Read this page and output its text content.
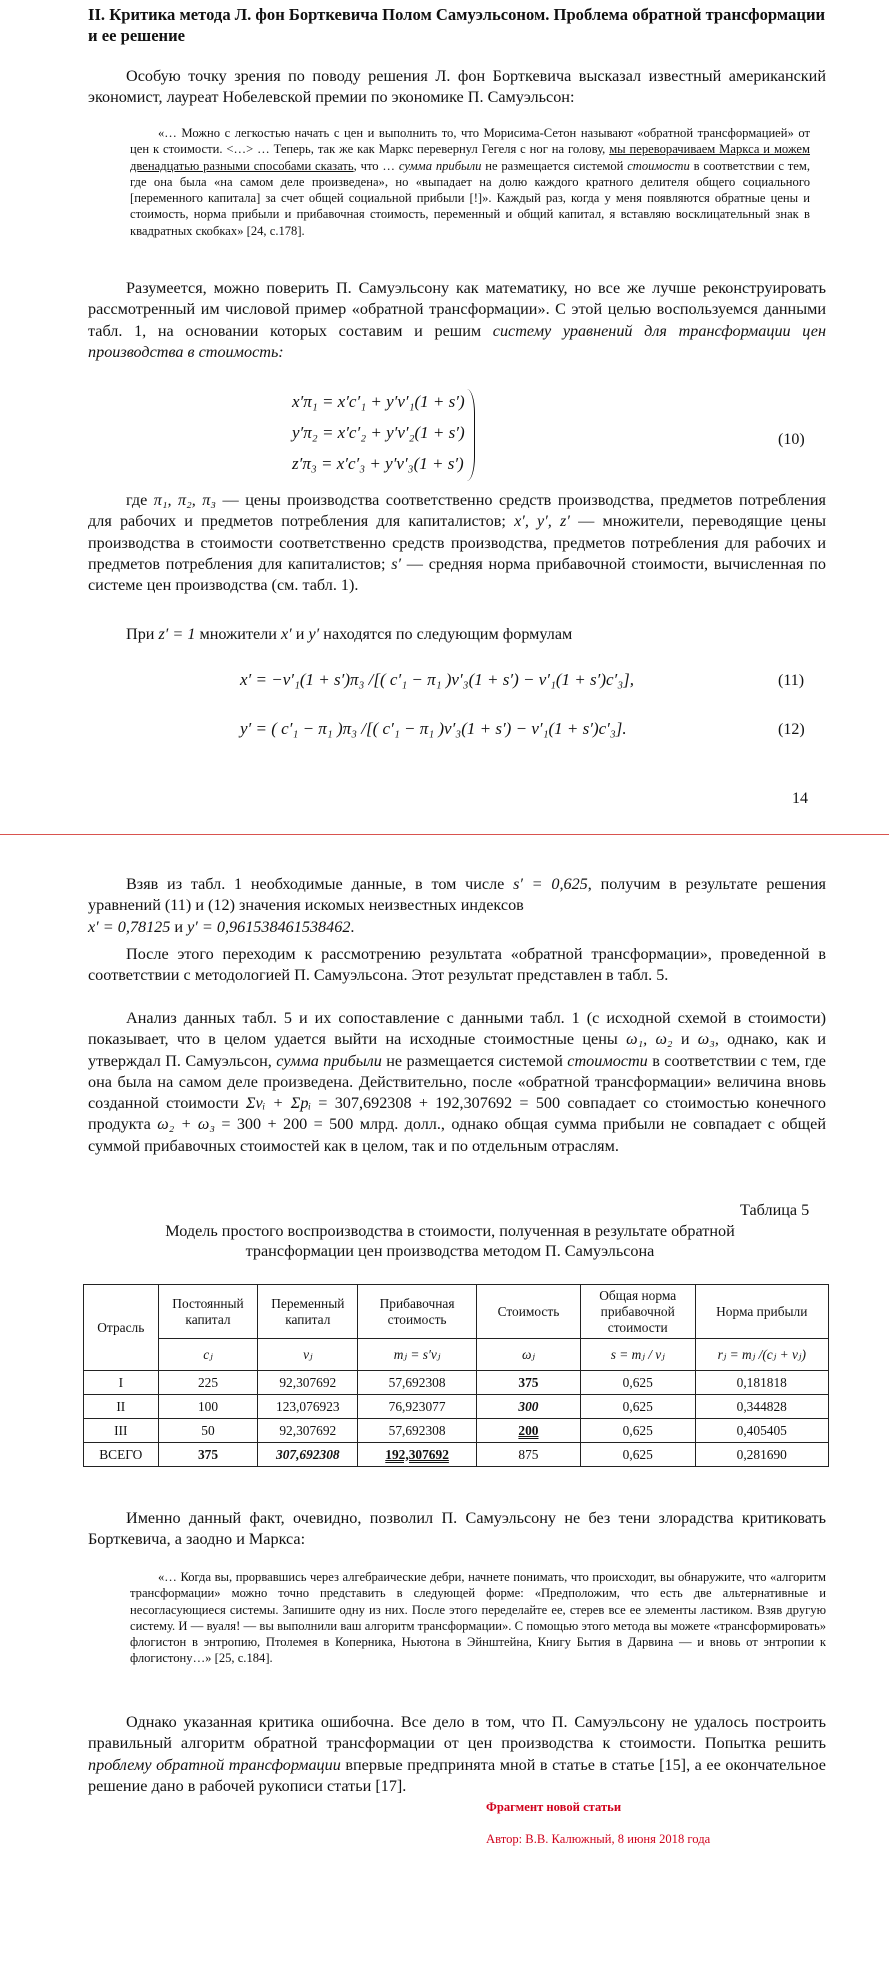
II. Критика метода Л. фон Борткевича Полом Самуэльсоном. Проблема обратной трансформации и ее решение

Особую точку зрения по поводу решения Л. фон Борткевича высказал известный американский экономист, лауреат Нобелевской премии по экономике П. Самуэльсон:

«… Можно с легкостью начать с цен и выполнить то, что Морисима-Сетон называют «обратной трансформацией» от цен к стоимости. <…> … Теперь, так же как Маркс перевернул Гегеля с ног на голову, мы переворачиваем Маркса и можем двенадцатью разными способами сказать, что … сумма прибыли не размещается системой стоимости в соответствии с тем, где она была «на самом деле произведена», но «выпадает на долю каждого кратного делителя общего социального [переменного капитала] за счет общей социальной прибыли [!]». Каждый раз, когда у меня появляются обратные цены и стоимость, норма прибыли и прибавочная стоимость, переменный и общий капитал, я вставляю восклицательный знак в квадратных скобках» [24, с.178].

Разумеется, можно поверить П. Самуэльсону как математику, но все же лучше реконструировать рассмотренный им числовой пример «обратной трансформации». С этой целью воспользуемся данными табл. 1, на основании которых составим и решим систему уравнений для трансформации цен производства в стоимость:

x′π₁ = x′c′₁ + y′v′₁(1 + s′)
y′π₂ = x′c′₂ + y′v′₂(1 + s′)
z′π₃ = x′c′₃ + y′v′₃(1 + s′)
(10)

где π₁, π₂, π₃ — цены производства соответственно средств производства, предметов потребления для рабочих и предметов потребления для капиталистов; x′, y′, z′ — множители, переводящие цены производства в стоимости соответственно средств производства, предметов потребления для рабочих и предметов потребления для капиталистов; s′ — средняя норма прибавочной стоимости, вычисленная по системе цен производства (см. табл. 1).

При z′ = 1 множители x′ и y′ находятся по следующим формулам

x′ = −v′₁(1 + s′)π₃ /[( c′₁ − π₁ )v′₃(1 + s′) − v′₁(1 + s′)c′₃],	(11)
y′ = ( c′₁ − π₁ )π₃ /[( c′₁ − π₁ )v′₃(1 + s′) − v′₁(1 + s′)c′₃].	(12)
14

Взяв из табл. 1 необходимые данные, в том числе s′ = 0,625, получим в результате решения уравнений (11) и (12) значения искомых неизвестных индексов
x′ = 0,78125 и y′ = 0,961538461538462.

После этого переходим к рассмотрению результата «обратной трансформации», проведенной в соответствии с методологией П. Самуэльсона. Этот результат представлен в табл. 5.

Анализ данных табл. 5 и их сопоставление с данными табл. 1 (с исходной схемой в стоимости) показывает, что в целом удается выйти на исходные стоимостные цены ω₁, ω₂ и ω₃, однако, как и утверждал П. Самуэльсон, сумма прибыли не размещается системой стоимости в соответствии с тем, где она была на самом деле произведена. Действительно, после «обратной трансформации» величина вновь созданной стоимости Σvᵢ + Σpᵢ = 307,692308 + 192,307692 = 500 совпадает со стоимостью конечного продукта ω₂ + ω₃ = 300 + 200 = 500 млрд. долл., однако общая сумма прибыли не совпадает с общей суммой прибавочных стоимостей как в целом, так и по отдельным отраслям.

Таблица 5
Модель простого воспроизводства в стоимости, полученная в результате обратной трансформации цен производства методом П. Самуэльсона
Отрасль	Постоянный капитал	Переменный капитал	Прибавочная стоимость	Стоимость	Общая норма прибавочной стоимости	Норма прибыли
	cⱼ	vⱼ	mⱼ = s′vⱼ	ωⱼ	s = mⱼ / vⱼ	rⱼ = mⱼ /(cⱼ + vⱼ)
I	225	92,307692	57,692308	375	0,625	0,181818
II	100	123,076923	76,923077	300	0,625	0,344828
III	50	92,307692	57,692308	200	0,625	0,405405
ВСЕГО	375	307,692308	192,307692	875	0,625	0,281690

Именно данный факт, очевидно, позволил П. Самуэльсону не без тени злорадства критиковать Борткевича, а заодно и Маркса:

«… Когда вы, прорвавшись через алгебраические дебри, начнете понимать, что происходит, вы обнаружите, что «алгоритм трансформации» можно точно представить в следующей форме: «Предположим, что есть две альтернативные и несогласующиеся системы. Запишите одну из них. После этого переделайте ее, стерев все ее элементы ластиком. Взяв другую систему. И — вуаля! — вы выполнили ваш алгоритм трансформации». С помощью этого метода вы можете «трансформировать» флогистон в энтропию, Птолемея в Коперника, Ньютона в Эйнштейна, Книгу Бытия в Дарвина — и вновь от энтропии к флогистону…» [25, с.184].

Однако указанная критика ошибочна. Все дело в том, что П. Самуэльсону не удалось построить правильный алгоритм обратной трансформации от цен производства к стоимости. Попытка решить проблему обратной трансформации впервые предпринята мной в статье в статье [15], а ее окончательное решение дано в рабочей рукописи статьи [17].

Фрагмент новой статьи
Автор: В.В. Калюжный, 8 июня 2018 года
